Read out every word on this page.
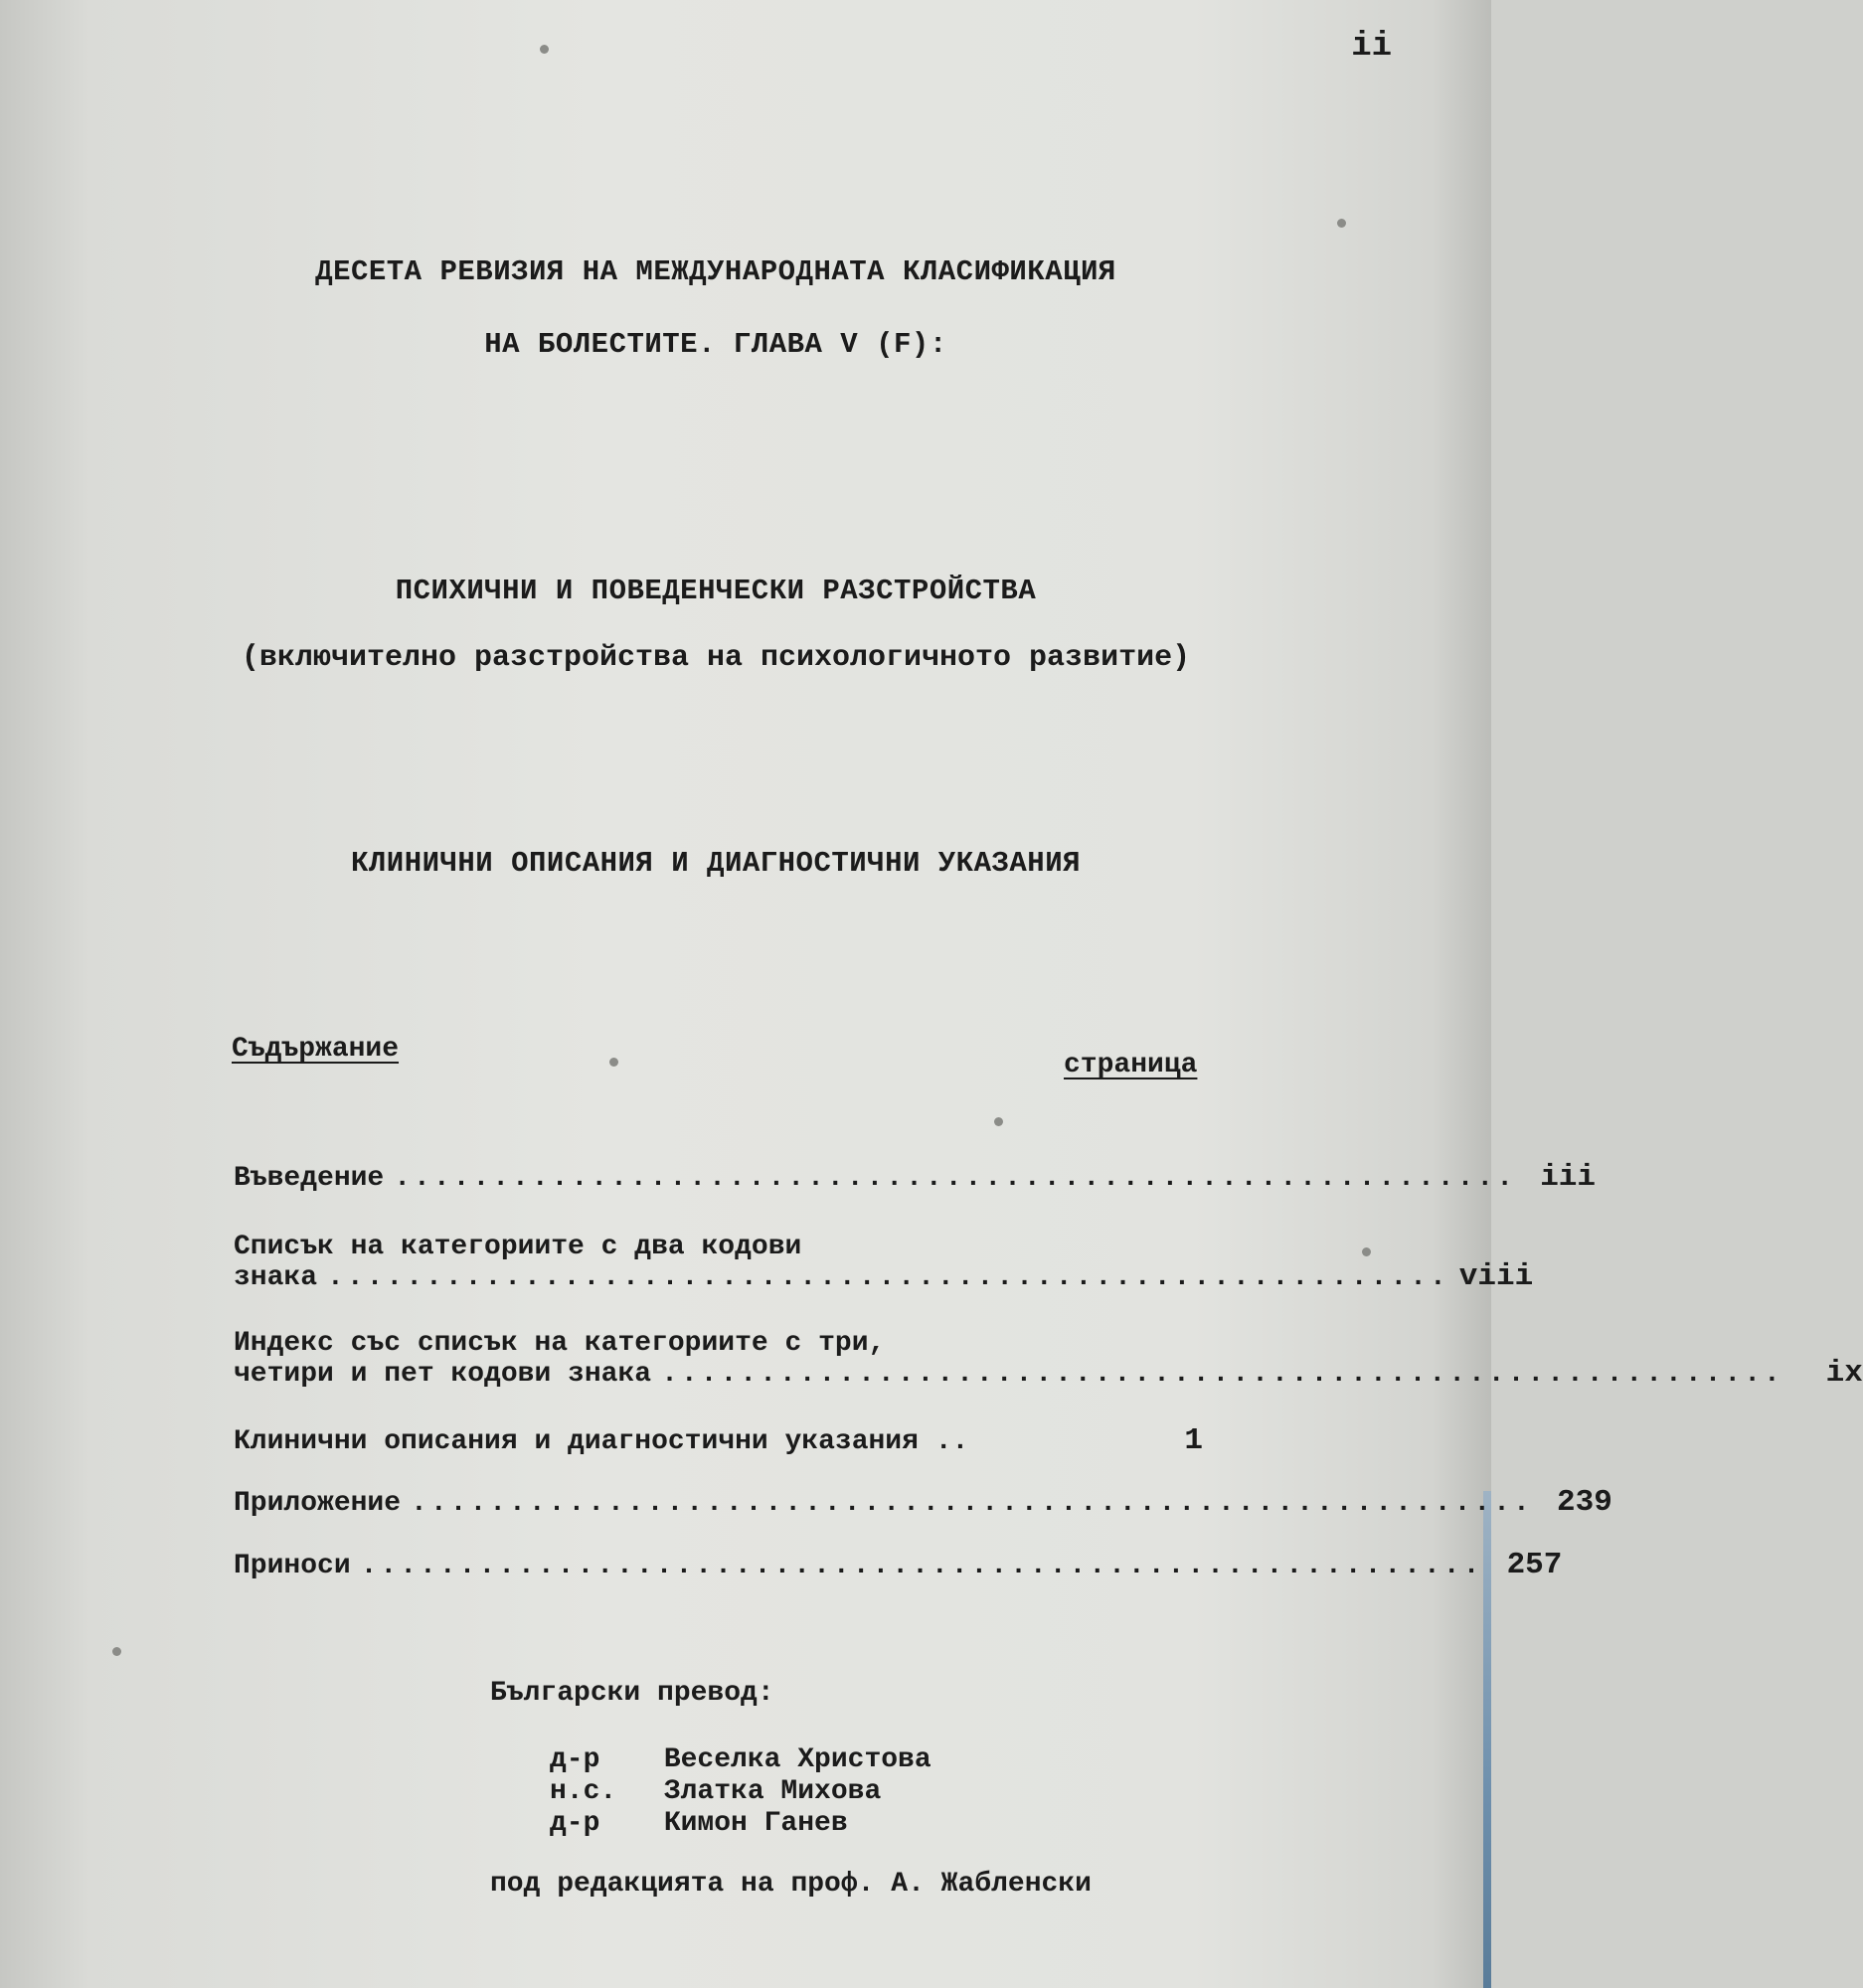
ii
ДЕСЕТА РЕВИЗИЯ НА МЕЖДУНАРОДНАТА КЛАСИФИКАЦИЯ
НА БОЛЕСТИТЕ. ГЛАВА V (F):
ПСИХИЧНИ И ПОВЕДЕНЧЕСКИ РАЗСТРОЙСТВА
(включително разстройства на психологичното развитие)
КЛИНИЧНИ ОПИСАНИЯ И ДИАГНОСТИЧНИ УКАЗАНИЯ
Съдържание
страница
Въведение ......................................................... iii
Списък на категориите с два кодови
знака ......................................................... viii
Индекс със списък на категориите с три,
четири и пет кодови знака .........................................................	ix
Клинични описания и диагностични указания ..	1
Приложение ......................................................... 239
Приноси ......................................................... 257
Български превод:
д-р Веселка Христова
н.с. Златка Михова
д-р Кимон Ганев
под редакцията на проф. А. Жабленски
